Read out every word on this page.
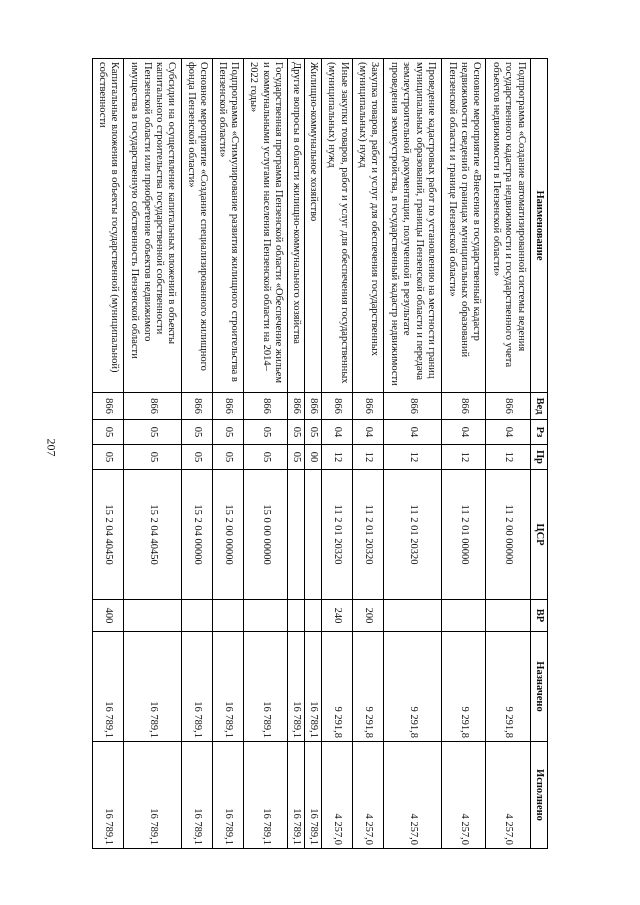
207
Наименование	Вед	Рз	Пр	ЦСР	ВР	Назначено	Исполнено
Подпрограмма «Создание автоматизированной системы ведения государственного кадастра недвижимости и государственного учета объектов недвижимости в Пензенской области»	866	04	12	11 2 00 00000		9 291,8	4 257,0
Основное мероприятие «Внесение в государственный кадастр недвижимости сведений о границах муниципальных образований Пензенской области и границе Пензенской области»	866	04	12	11 2 01 00000		9 291,8	4 257,0
Проведение кадастровых работ по установлению на местности границ муниципальных образований, границы Пензенской области и передача землеустроительной документации, полученной в результате проведения землеустройства, в государственный кадастр недвижимости	866	04	12	11 2 01 20320		9 291,8	4 257,0
Закупка товаров, работ и услуг для обеспечения государственных (муниципальных) нужд	866	04	12	11 2 01 20320	200	9 291,8	4 257,0
Иные закупки товаров, работ и услуг для обеспечения государственных (муниципальных) нужд	866	04	12	11 2 01 20320	240	9 291,8	4 257,0
Жилищно-коммунальное хозяйство	866	05	00			16 789,1	16 789,1
Другие вопросы в области жилищно-коммунального хозяйства	866	05	05			16 789,1	16 789,1
Государственная программа Пензенской области «Обеспечение жильем и коммунальными услугами населения Пензенской области на 2014–2022 годы»	866	05	05	15 0 00 00000		16 789,1	16 789,1
Подпрограмма «Стимулирование развития жилищного строительства в Пензенской области»	866	05	05	15 2 00 00000		16 789,1	16 789,1
Основное мероприятие «Создание специализированного жилищного фонда Пензенской области»	866	05	05	15 2 04 00000		16 789,1	16 789,1
Субсидии на осуществление капитальных вложений в объекты капитального строительства государственной собственности Пензенской области или приобретение объектов недвижимого имущества в государственную собственность Пензенской области	866	05	05	15 2 04 40450		16 789,1	16 789,1
Капитальные вложения в объекты государственной (муниципальной) собственности	866	05	05	15 2 04 40450	400	16 789,1	16 789,1
